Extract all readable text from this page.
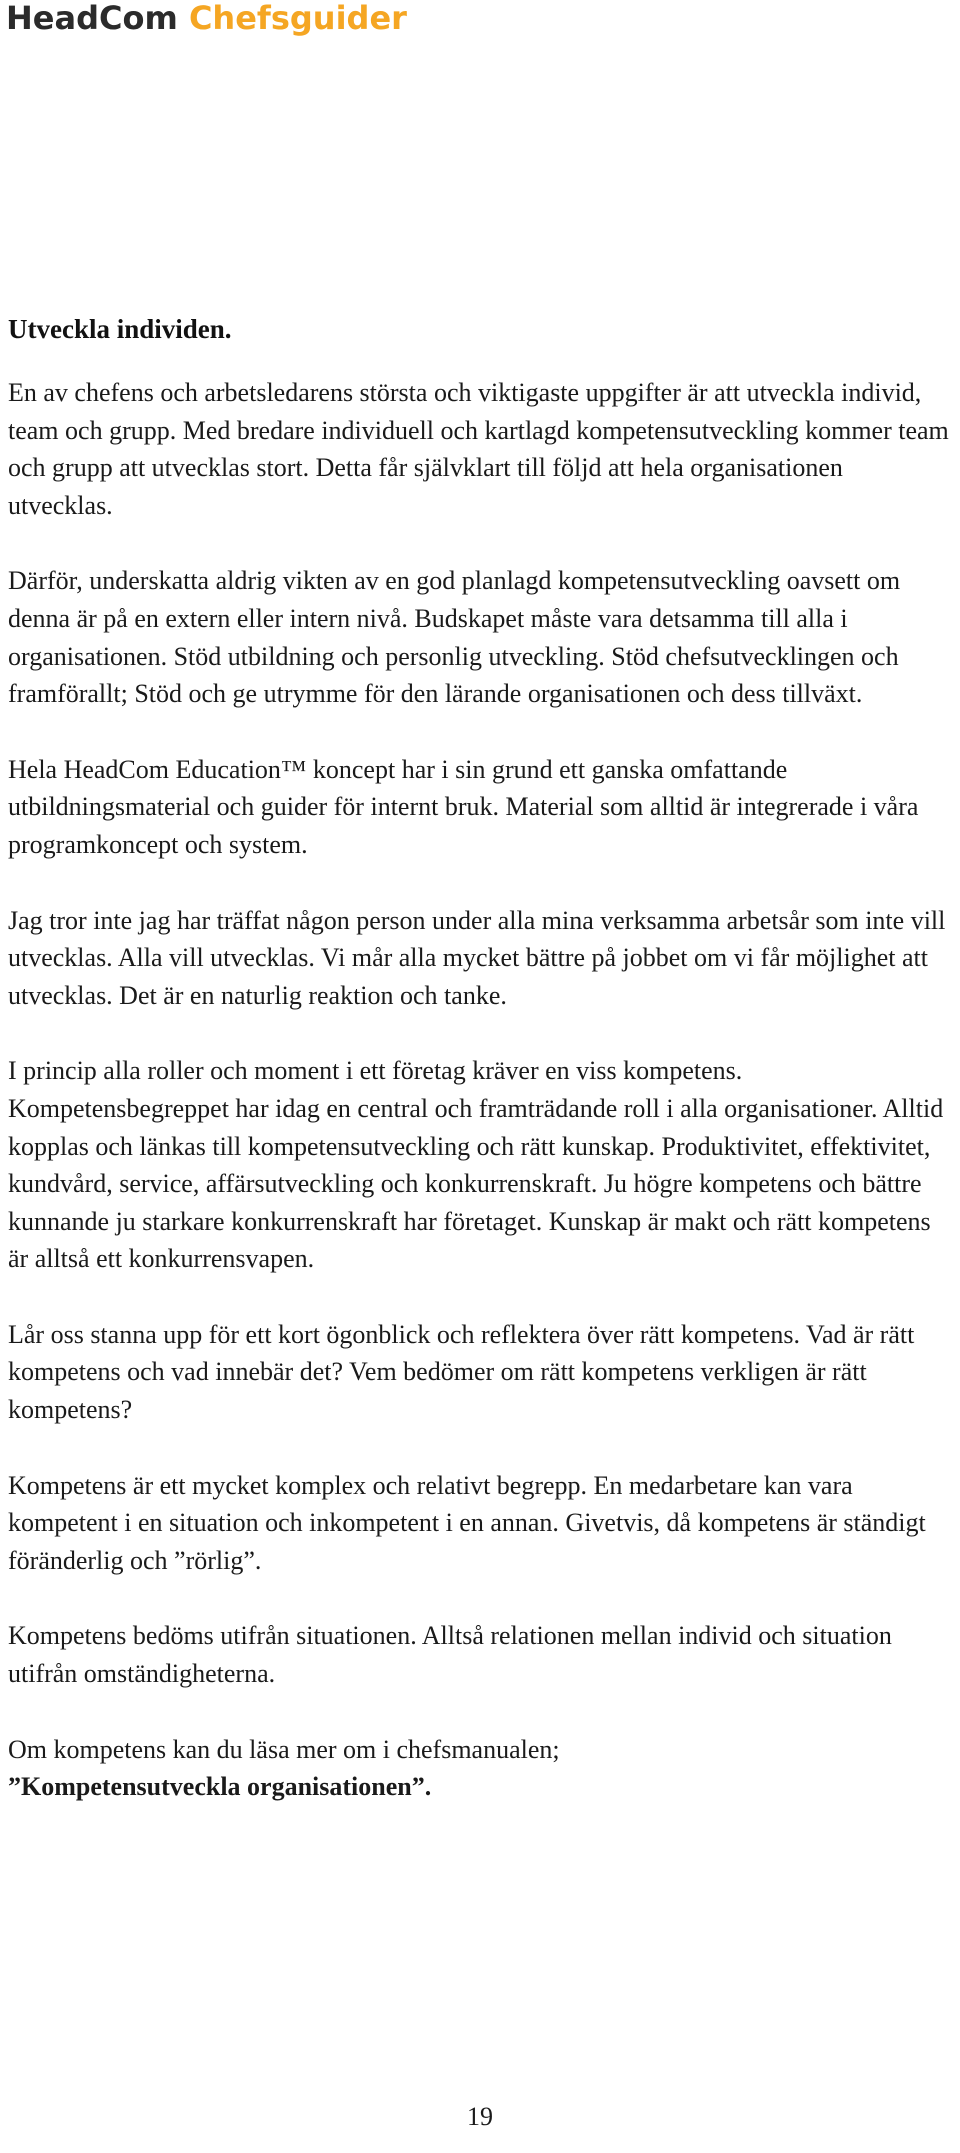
HeadCom Chefsguider
Utveckla individen.

En av chefens och arbetsledarens största och viktigaste uppgifter är att utveckla individ, team och grupp. Med bredare individuell och kartlagd kompetensutveckling kommer team och grupp att utvecklas stort. Detta får självklart till följd att hela organisationen utvecklas.

Därför, underskatta aldrig vikten av en god planlagd kompetensutveckling oavsett om denna är på en extern eller intern nivå. Budskapet måste vara detsamma till alla i organisationen. Stöd utbildning och personlig utveckling. Stöd chefsutvecklingen och framförallt; Stöd och ge utrymme för den lärande organisationen och dess tillväxt.

Hela HeadCom Education™ koncept har i sin grund ett ganska omfattande utbildningsmaterial och guider för internt bruk. Material som alltid är integrerade i våra programkoncept och system.

Jag tror inte jag har träffat någon person under alla mina verksamma arbetsår som inte vill utvecklas. Alla vill utvecklas. Vi mår alla mycket bättre på jobbet om vi får möjlighet att utvecklas. Det är en naturlig reaktion och tanke.

I princip alla roller och moment i ett företag kräver en viss kompetens. Kompetensbegreppet har idag en central och framträdande roll i alla organisationer. Alltid kopplas och länkas till kompetensutveckling och rätt kunskap. Produktivitet, effektivitet, kundvård, service, affärsutveckling och konkurrenskraft. Ju högre kompetens och bättre kunnande ju starkare konkurrenskraft har företaget. Kunskap är makt och rätt kompetens är alltså ett konkurrensvapen.

Lår oss stanna upp för ett kort ögonblick och reflektera över rätt kompetens. Vad är rätt kompetens och vad innebär det? Vem bedömer om rätt kompetens verkligen är rätt kompetens?

Kompetens är ett mycket komplex och relativt begrepp. En medarbetare kan vara kompetent i en situation och inkompetent i en annan. Givetvis, då kompetens är ständigt föränderlig och ”rörlig”.

Kompetens bedöms utifrån situationen. Alltså relationen mellan individ och situation utifrån omständigheterna.

Om kompetens kan du läsa mer om i chefsmanualen;
”Kompetensutveckla organisationen”.
19
